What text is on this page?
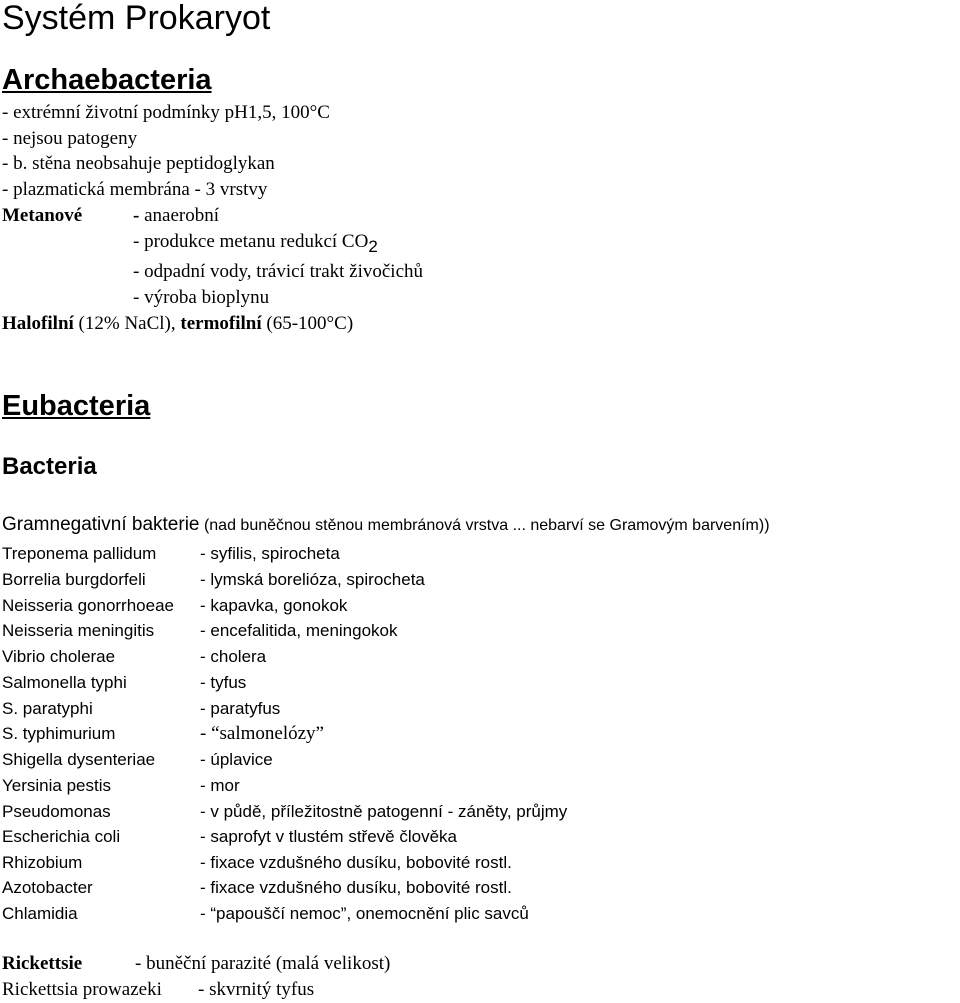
Systém Prokaryot
Archaebacteria
- extrémní životní podmínky pH1,5, 100°C
- nejsou patogeny
- b. stěna neobsahuje peptidoglykan
- plazmatická membrána - 3 vrstvy
Metanové	- anaerobní
- produkce metanu redukcí CO2
- odpadní vody, trávicí trakt živočichů
- výroba bioplynu
Halofilní (12% NaCl), termofilní (65-100°C)
Eubacteria
Bacteria
Gramnegativní bakterie (nad buněčnou stěnou membránová vrstva ... nebarví se Gramovým barvením))
Treponema pallidum	- syfilis, spirocheta
Borrelia burgdorfeli	- lymská borelióza, spirocheta
Neisseria gonorrhoeae - kapavka, gonokok
Neisseria meningitis	- encefalitida, meningokok
Vibrio cholerae	- cholera
Salmonella typhi	- tyfus
S. paratyphi	- paratyfus
S. typhimurium	- “salmonelózy”
Shigella dysenteriae	- úplavice
Yersinia pestis	- mor
Pseudomonas	- v půdě, příležitostně patogenní - záněty, průjmy
Escherichia coli	- saprofyt v tlustém střevě člověka
Rhizobium	- fixace vzdušného dusíku, bobovité rostl.
Azotobacter	- fixace vzdušného dusíku, bobovité rostl.
Chlamidia	- “papouščí nemoc”, onemocnění plic savců
Rickettsie	- buněční parazité (malá velikost)
Rickettsia prowazeki - skvrnitý tyfus
